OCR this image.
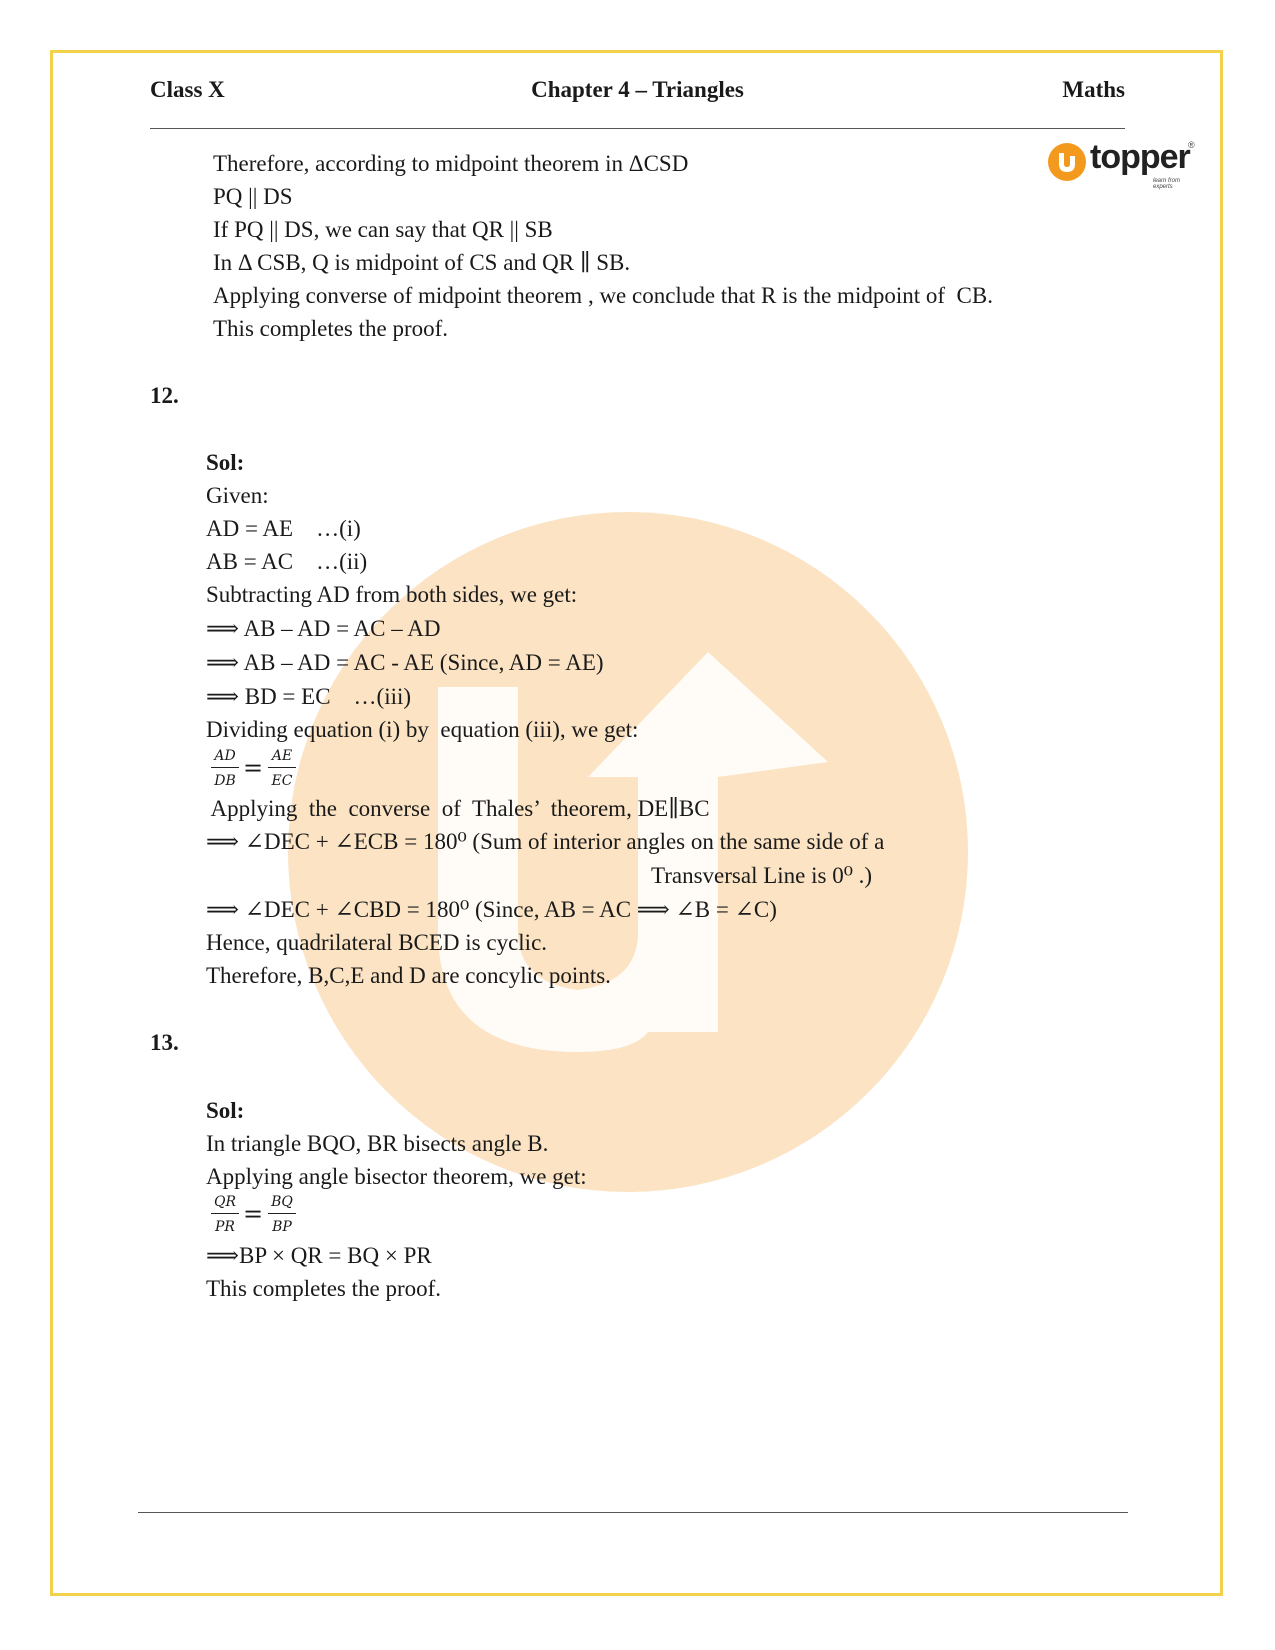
Class X	Chapter 4 – Triangles	Maths
topper
learn from experts
®
Therefore, according to midpoint theorem in ΔCSD
PQ || DS
If PQ || DS, we can say that QR || SB
In Δ CSB, Q is midpoint of CS and QR ∥ SB.
Applying converse of midpoint theorem , we conclude that R is the midpoint of  CB.
This completes the proof.
12.
Sol:
Given:
AD = AE    …(i)
AB = AC    …(ii)
Subtracting AD from both sides, we get:
⟹ AB – AD = AC – AD
⟹ AB – AD = AC - AE (Since, AD = AE)
⟹ BD = EC    …(iii)
Dividing equation (i) by  equation (iii), we get:
AD
DB = AE
EC
Applying  the  converse  of  Thales’  theorem, DE∥BC
⟹ ∠DEC + ∠ECB = 180⁰ (Sum of interior angles on the same side of a
Transversal Line is 0⁰ .)
⟹ ∠DEC + ∠CBD = 180⁰ (Since, AB = AC ⟹ ∠B = ∠C)
Hence, quadrilateral BCED is cyclic.
Therefore, B,C,E and D are concylic points.
13.
Sol:
In triangle BQO, BR bisects angle B.
Applying angle bisector theorem, we get:
QR
PR = BQ
BP
⟹BP × QR = BQ × PR
This completes the proof.
